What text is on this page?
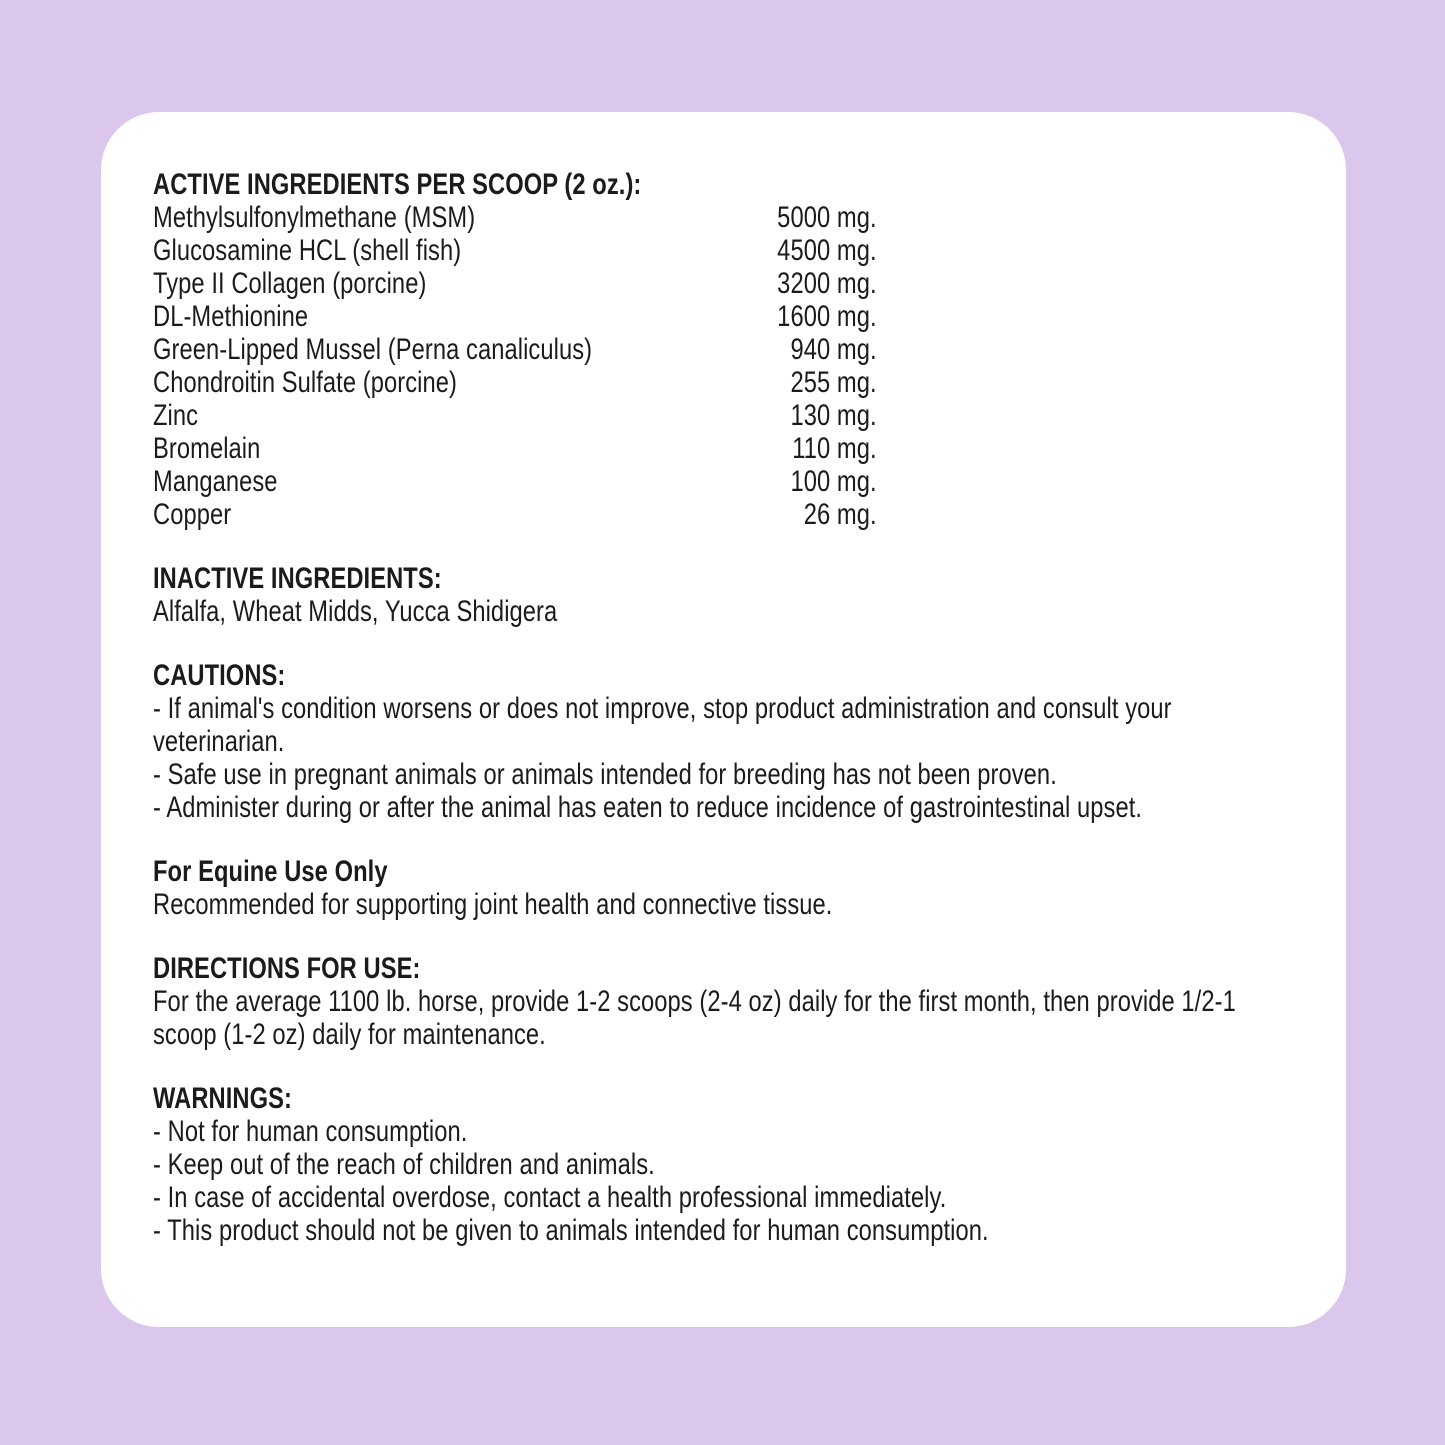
ACTIVE INGREDIENTS PER SCOOP (2 oz.):
Methylsulfonylmethane (MSM)	5000 mg.
Glucosamine HCL (shell fish)	4500 mg.
Type II Collagen (porcine)	3200 mg.
DL-Methionine	1600 mg.
Green-Lipped Mussel (Perna canaliculus)	940 mg.
Chondroitin Sulfate (porcine)	255 mg.
Zinc	130 mg.
Bromelain	110 mg.
Manganese	100 mg.
Copper	26 mg.
INACTIVE INGREDIENTS:

Alfalfa, Wheat Midds, Yucca Shidigera

CAUTIONS:

- If animal's condition worsens or does not improve, stop product administration and consult your veterinarian.

- Safe use in pregnant animals or animals intended for breeding has not been proven.

- Administer during or after the animal has eaten to reduce incidence of gastrointestinal upset.

For Equine Use Only

Recommended for supporting joint health and connective tissue.

DIRECTIONS FOR USE:

For the average 1100 lb. horse, provide 1-2 scoops (2-4 oz) daily for the first month, then provide 1/2-1 scoop (1-2 oz) daily for maintenance.

WARNINGS:

- Not for human consumption.

- Keep out of the reach of children and animals.

- In case of accidental overdose, contact a health professional immediately.

- This product should not be given to animals intended for human consumption.
